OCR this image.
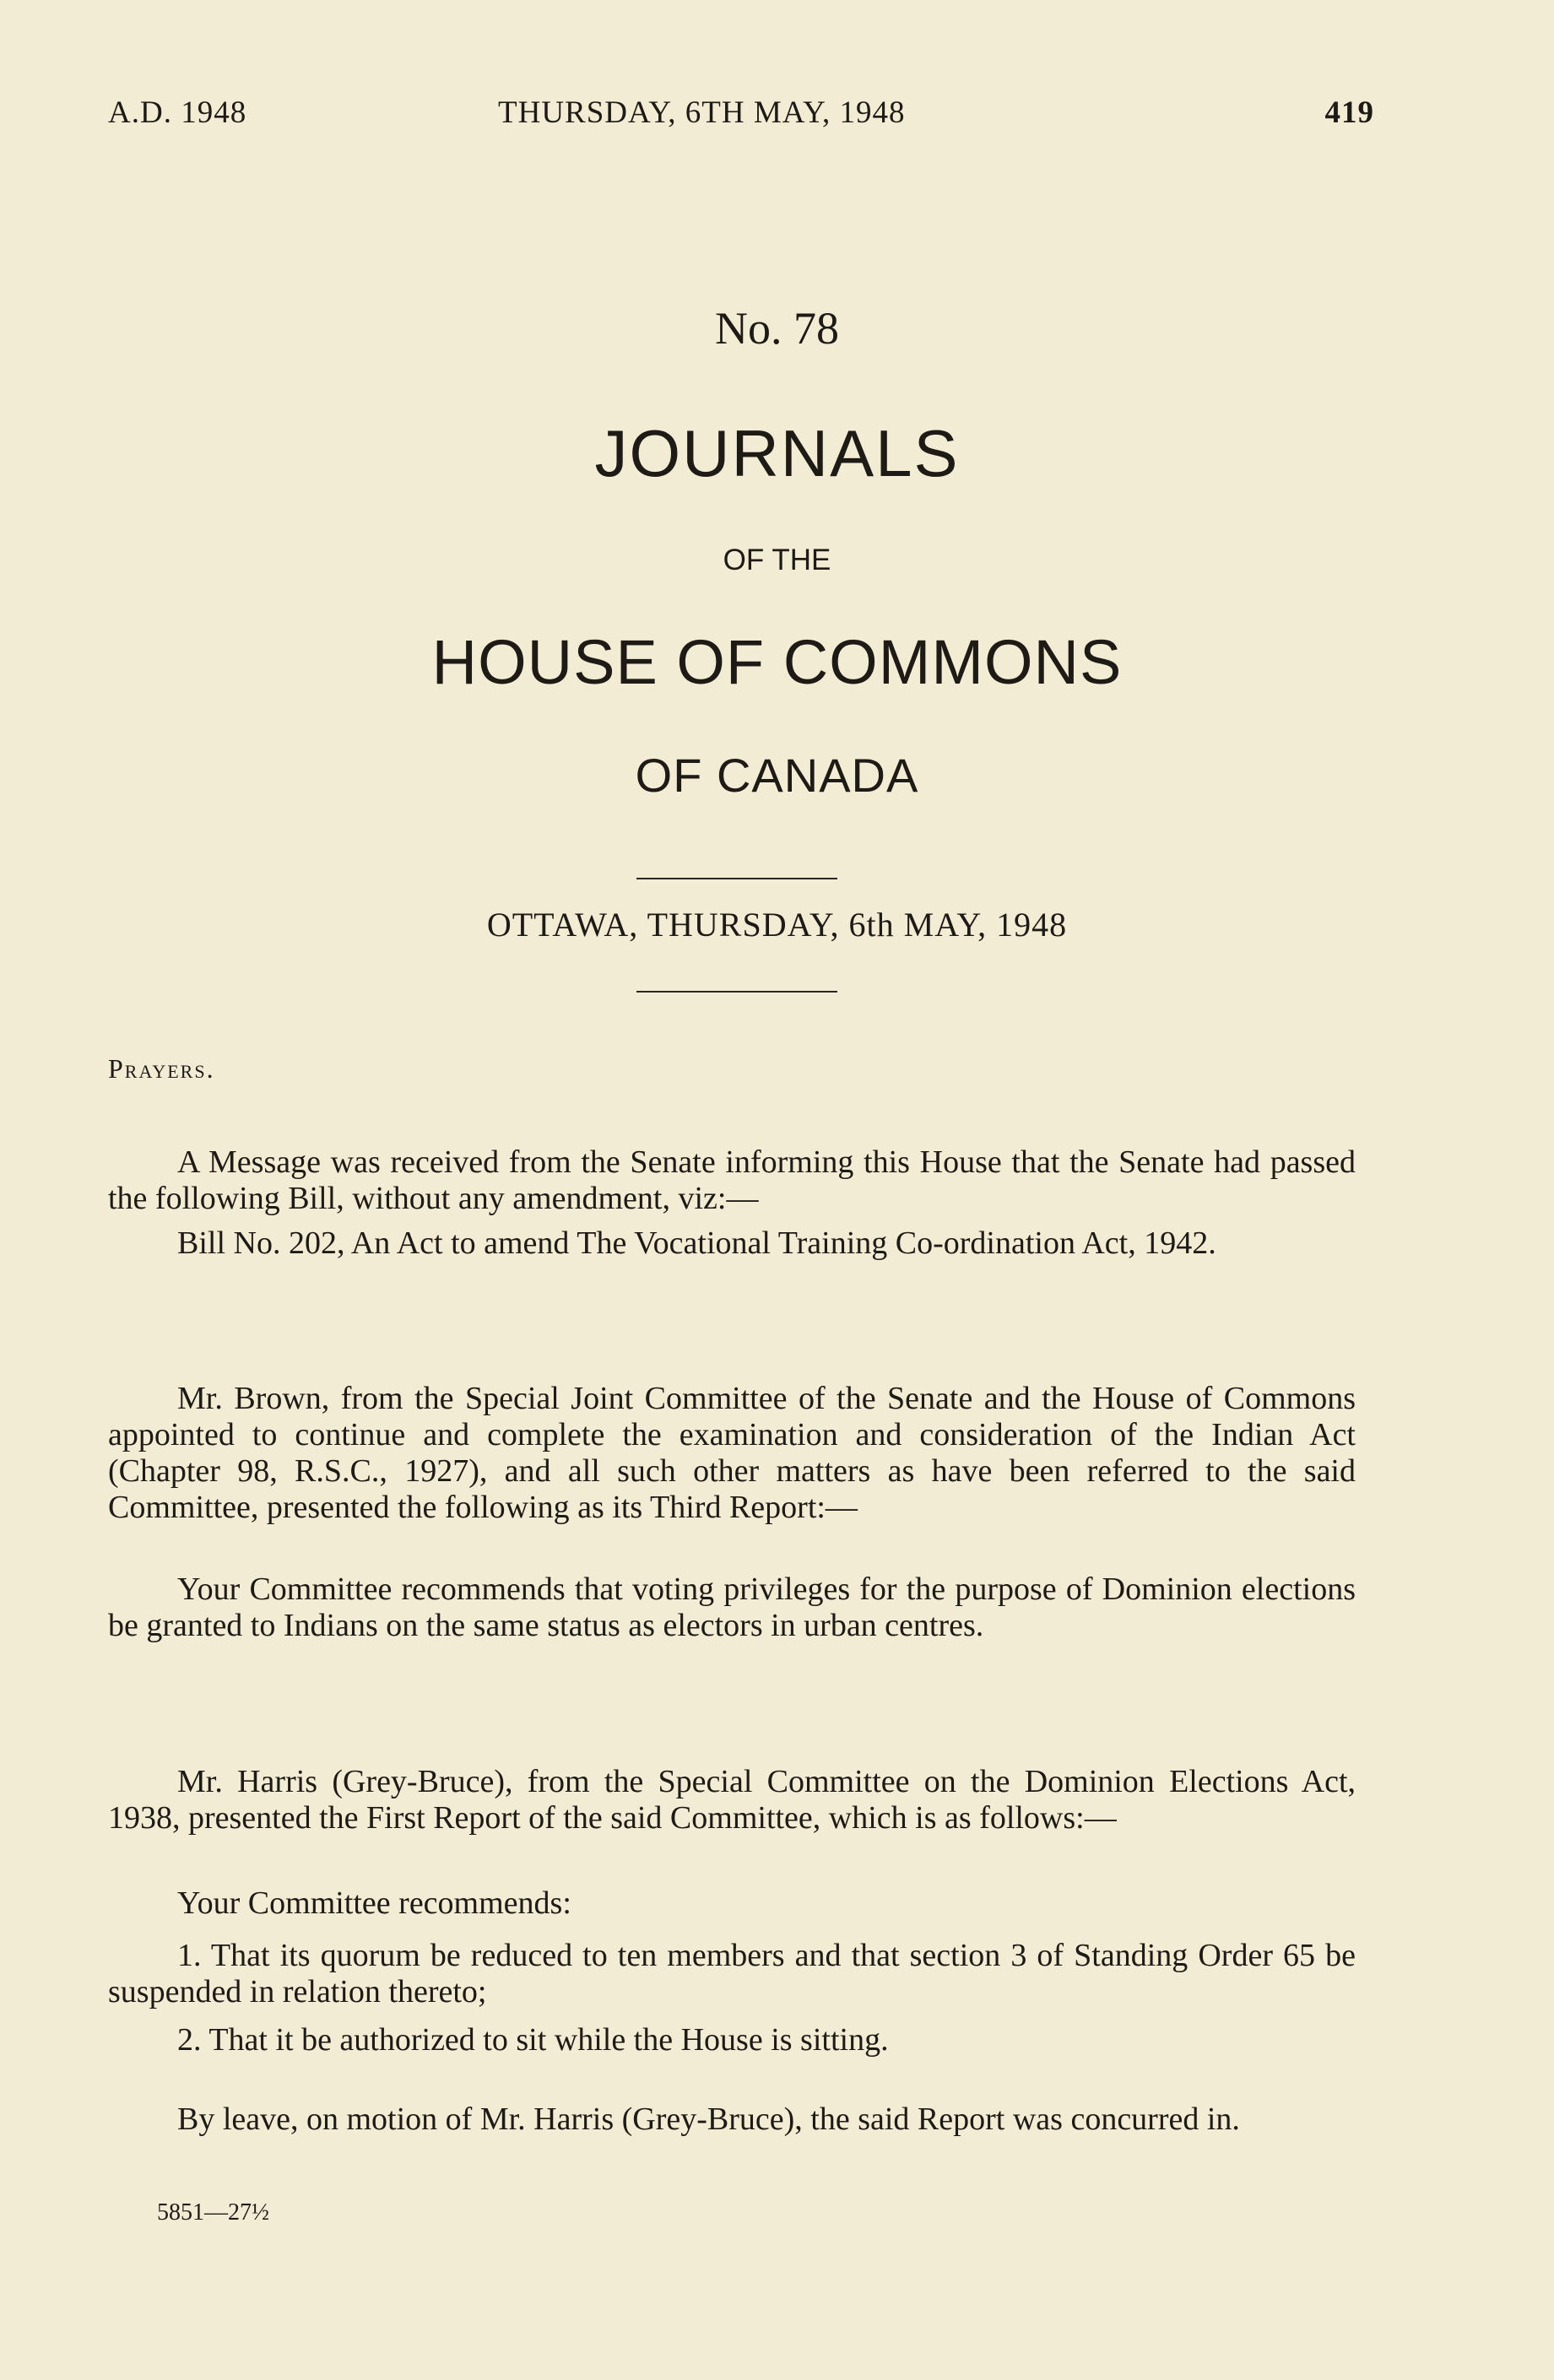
A.D. 1948	THURSDAY, 6TH MAY, 1948	419
No. 78
JOURNALS
OF THE
HOUSE OF COMMONS
OF CANADA
OTTAWA, THURSDAY, 6th MAY, 1948
Prayers.

A Message was received from the Senate informing this House that the Senate had passed the following Bill, without any amendment, viz:—

Bill No. 202, An Act to amend The Vocational Training Co-ordination Act, 1942.

Mr. Brown, from the Special Joint Committee of the Senate and the House of Commons appointed to continue and complete the examination and consideration of the Indian Act (Chapter 98, R.S.C., 1927), and all such other matters as have been referred to the said Committee, presented the following as its Third Report:—

Your Committee recommends that voting privileges for the purpose of Dominion elections be granted to Indians on the same status as electors in urban centres.

Mr. Harris (Grey-Bruce), from the Special Committee on the Dominion Elections Act, 1938, presented the First Report of the said Committee, which is as follows:—

Your Committee recommends:

1. That its quorum be reduced to ten members and that section 3 of Standing Order 65 be suspended in relation thereto;

2. That it be authorized to sit while the House is sitting.

By leave, on motion of Mr. Harris (Grey-Bruce), the said Report was concurred in.

5851—27½
